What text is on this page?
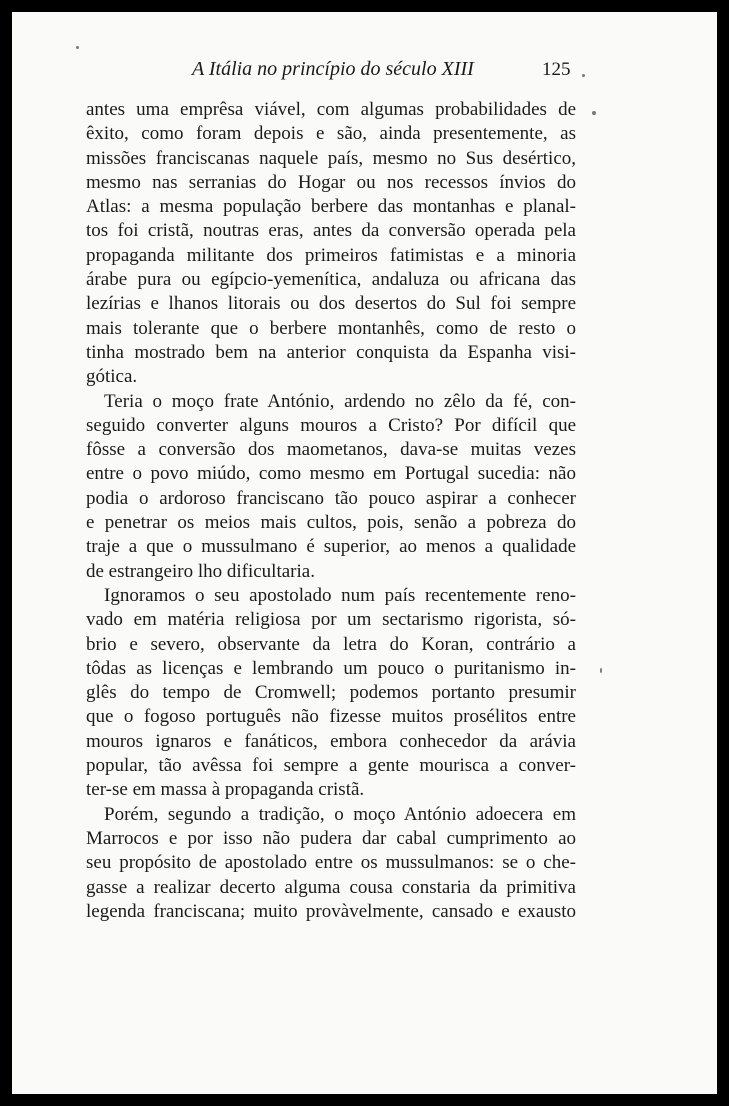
A Itália no princípio do século XIII	125
antes uma emprêsa viável, com algumas probabilidades de
êxito, como foram depois e são, ainda presentemente, as
missões franciscanas naquele país, mesmo no Sus desértico,
mesmo nas serranias do Hogar ou nos recessos ínvios do
Atlas: a mesma população berbere das montanhas e planal-
tos foi cristã, noutras eras, antes da conversão operada pela
propaganda militante dos primeiros fatimistas e a minoria
árabe pura ou egípcio-yemenítica, andaluza ou africana das
lezírias e lhanos litorais ou dos desertos do Sul foi sempre
mais tolerante que o berbere montanhês, como de resto o
tinha mostrado bem na anterior conquista da Espanha visi-
gótica.
Teria o moço frate António, ardendo no zêlo da fé, con-
seguido converter alguns mouros a Cristo? Por difícil que
fôsse a conversão dos maometanos, dava-se muitas vezes
entre o povo miúdo, como mesmo em Portugal sucedia: não
podia o ardoroso franciscano tão pouco aspirar a conhecer
e penetrar os meios mais cultos, pois, senão a pobreza do
traje a que o mussulmano é superior, ao menos a qualidade
de estrangeiro lho dificultaria.
Ignoramos o seu apostolado num país recentemente reno-
vado em matéria religiosa por um sectarismo rigorista, só-
brio e severo, observante da letra do Koran, contrário a
tôdas as licenças e lembrando um pouco o puritanismo in-
glês do tempo de Cromwell; podemos portanto presumir
que o fogoso português não fizesse muitos prosélitos entre
mouros ignaros e fanáticos, embora conhecedor da arávia
popular, tão avêssa foi sempre a gente mourisca a conver-
ter-se em massa à propaganda cristã.
Porém, segundo a tradição, o moço António adoecera em
Marrocos e por isso não pudera dar cabal cumprimento ao
seu propósito de apostolado entre os mussulmanos: se o che-
gasse a realizar decerto alguma cousa constaria da primitiva
legenda franciscana; muito provàvelmente, cansado e exausto
